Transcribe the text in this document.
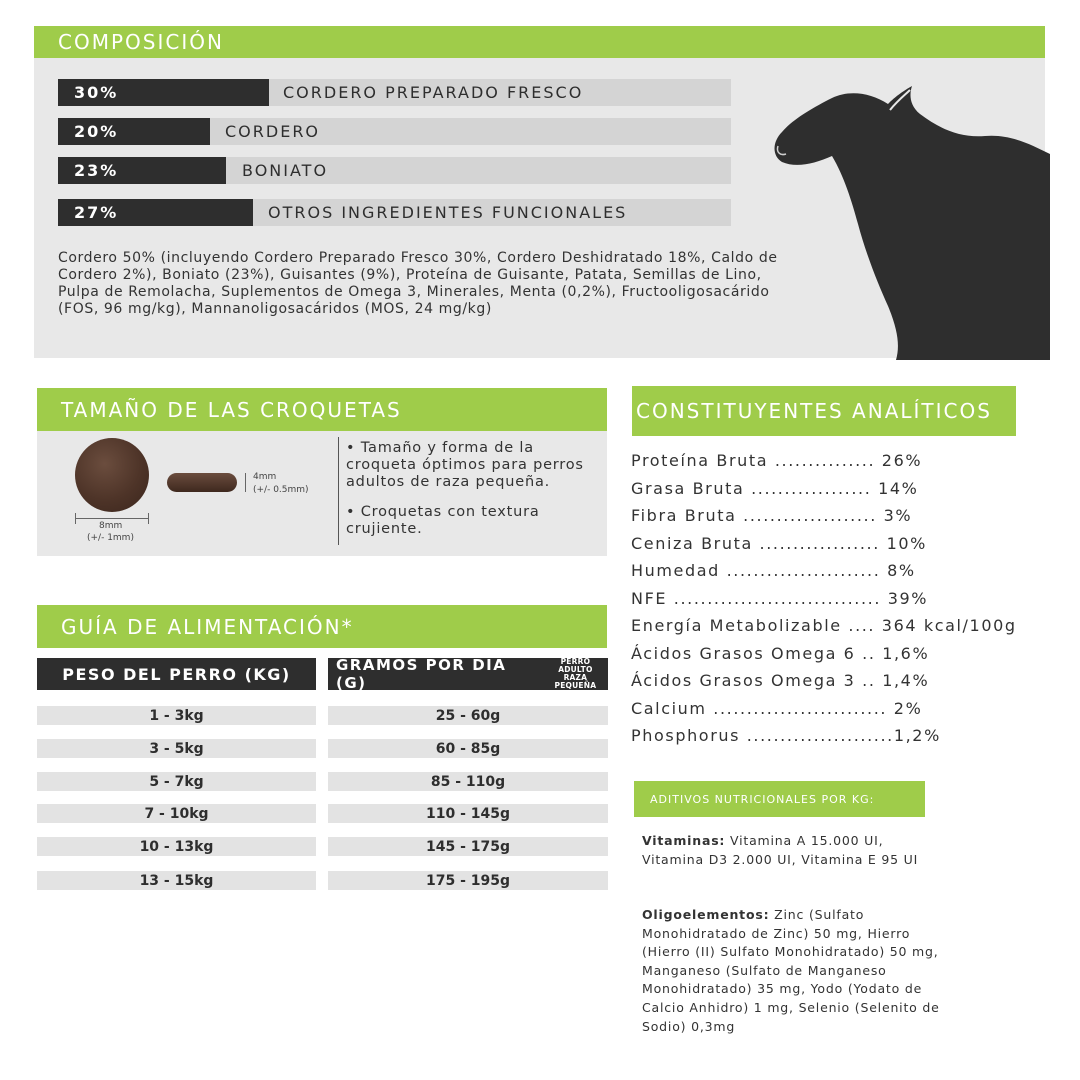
COMPOSICIÓN
30%	CORDERO PREPARADO FRESCO
20%	CORDERO
23%	BONIATO
27%	OTROS INGREDIENTES FUNCIONALES

Cordero 50% (incluyendo Cordero Preparado Fresco 30%, Cordero Deshidratado 18%, Caldo de Cordero 2%), Boniato (23%), Guisantes (9%), Proteína de Guisante, Patata, Semillas de Lino, Pulpa de Remolacha, Suplementos de Omega 3, Minerales, Menta (0,2%), Fructooligosacárido (FOS, 96 mg/kg), Mannanoligosacáridos (MOS, 24 mg/kg)

TAMAÑO DE LAS CROQUETAS
8mm
(+/- 1mm)
4mm
(+/- 0.5mm)

• Tamaño y forma de la croqueta óptimos para perros adultos de raza pequeña.

• Croquetas con textura crujiente.

GUÍA DE ALIMENTACIÓN*
PESO DEL PERRO (KG)	GRAMOS POR DÍA (G)
PERRO ADULTO
RAZA PEQUEÑA
1 - 3kg	25 - 60g
3 - 5kg	60 - 85g
5 - 7kg	85 - 110g
7 - 10kg	110 - 145g
10 - 13kg	145 - 175g
13 - 15kg	175 - 195g
CONSTITUYENTES ANALÍTICOS
Proteína Bruta ............... 26%
Grasa Bruta .................. 14%
Fibra Bruta .................... 3%
Ceniza Bruta .................. 10%
Humedad ....................... 8%
NFE ............................... 39%
Energía Metabolizable .... 364 kcal/100g
Ácidos Grasos Omega 6 .. 1,6%
Ácidos Grasos Omega 3 .. 1,4%
Calcium .......................... 2%
Phosphorus ......................1,2%
ADITIVOS NUTRICIONALES POR KG:

Vitaminas: Vitamina A 15.000 UI, Vitamina D3 2.000 UI, Vitamina E 95 UI

Oligoelementos: Zinc (Sulfato Monohidratado de Zinc) 50 mg, Hierro (Hierro (II) Sulfato Monohidratado) 50 mg, Manganeso (Sulfato de Manganeso Monohidratado) 35 mg, Yodo (Yodato de Calcio Anhidro) 1 mg, Selenio (Selenito de Sodio) 0,3mg
